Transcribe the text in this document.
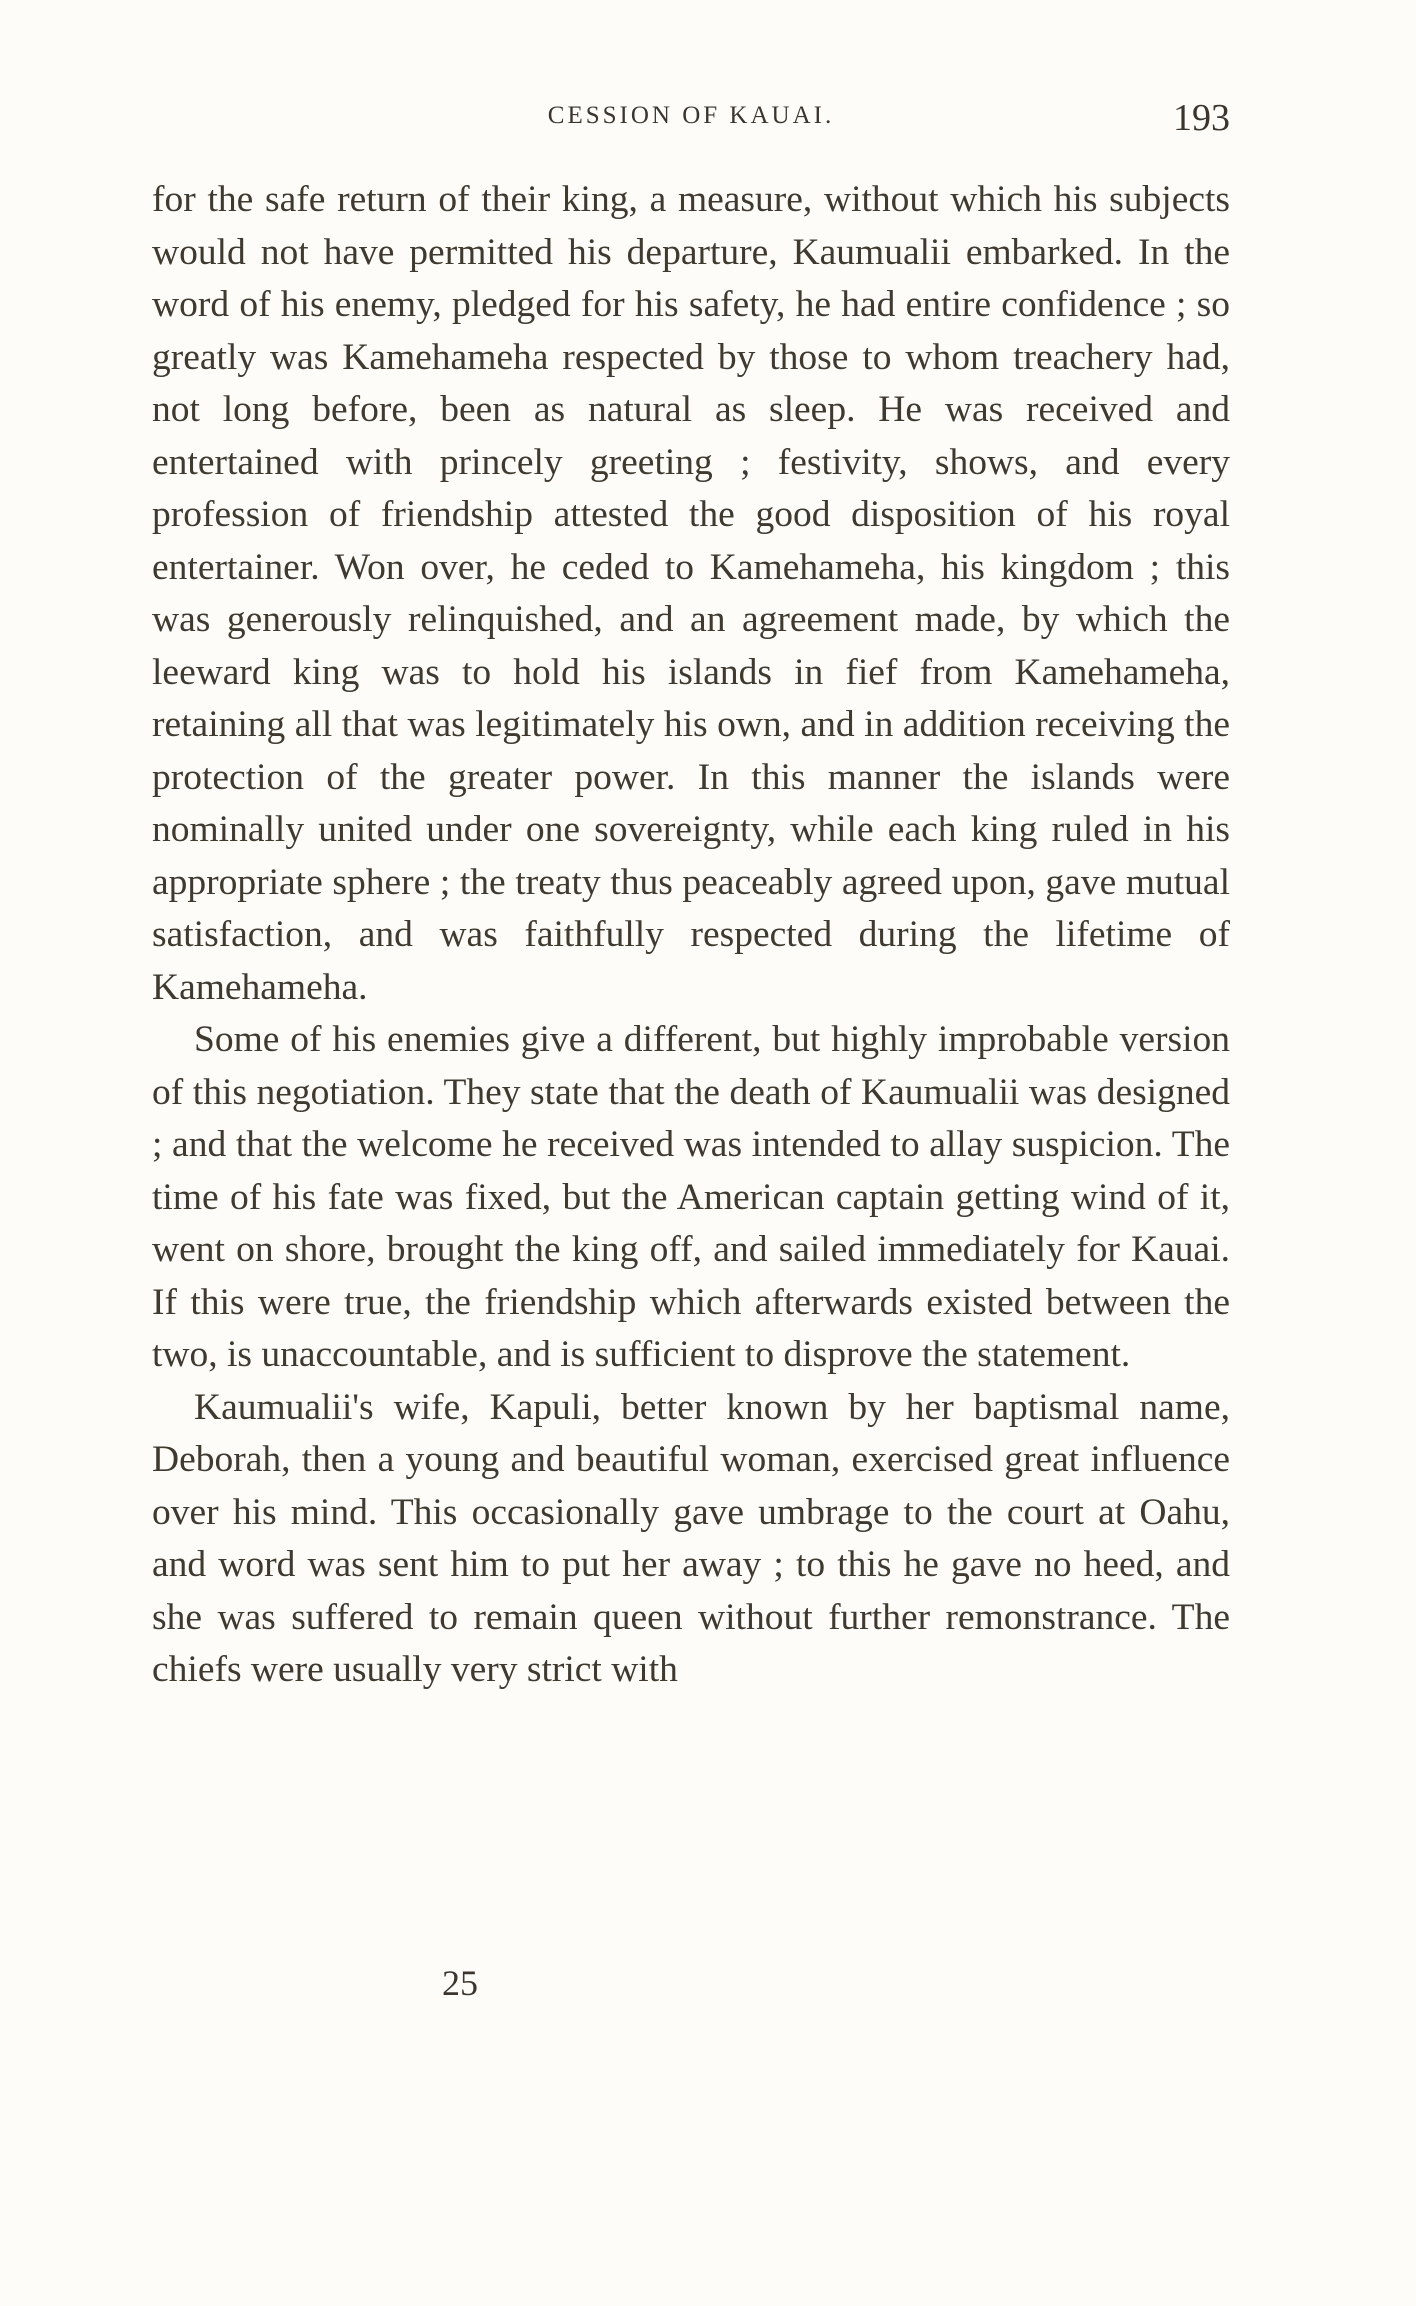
CESSION OF KAUAI.	193

for the safe return of their king, a measure, without which his subjects would not have permitted his departure, Kaumualii embarked. In the word of his enemy, pledged for his safety, he had entire confidence ; so greatly was Kamehameha respected by those to whom treachery had, not long before, been as natural as sleep. He was received and entertained with princely greeting ; festivity, shows, and every profession of friendship attested the good disposition of his royal entertainer. Won over, he ceded to Kamehameha, his kingdom ; this was generously relinquished, and an agreement made, by which the leeward king was to hold his islands in fief from Kamehameha, retaining all that was legitimately his own, and in addition receiving the protection of the greater power. In this manner the islands were nominally united under one sovereignty, while each king ruled in his appropriate sphere ; the treaty thus peaceably agreed upon, gave mutual satisfaction, and was faithfully respected during the lifetime of Kamehameha.

Some of his enemies give a different, but highly improbable version of this negotiation. They state that the death of Kaumualii was designed ; and that the welcome he received was intended to allay suspicion. The time of his fate was fixed, but the American captain getting wind of it, went on shore, brought the king off, and sailed immediately for Kauai. If this were true, the friendship which afterwards existed between the two, is unaccountable, and is sufficient to disprove the statement.

Kaumualii's wife, Kapuli, better known by her baptismal name, Deborah, then a young and beautiful woman, exercised great influence over his mind. This occasionally gave umbrage to the court at Oahu, and word was sent him to put her away ; to this he gave no heed, and she was suffered to remain queen without further remonstrance. The chiefs were usually very strict with

25
